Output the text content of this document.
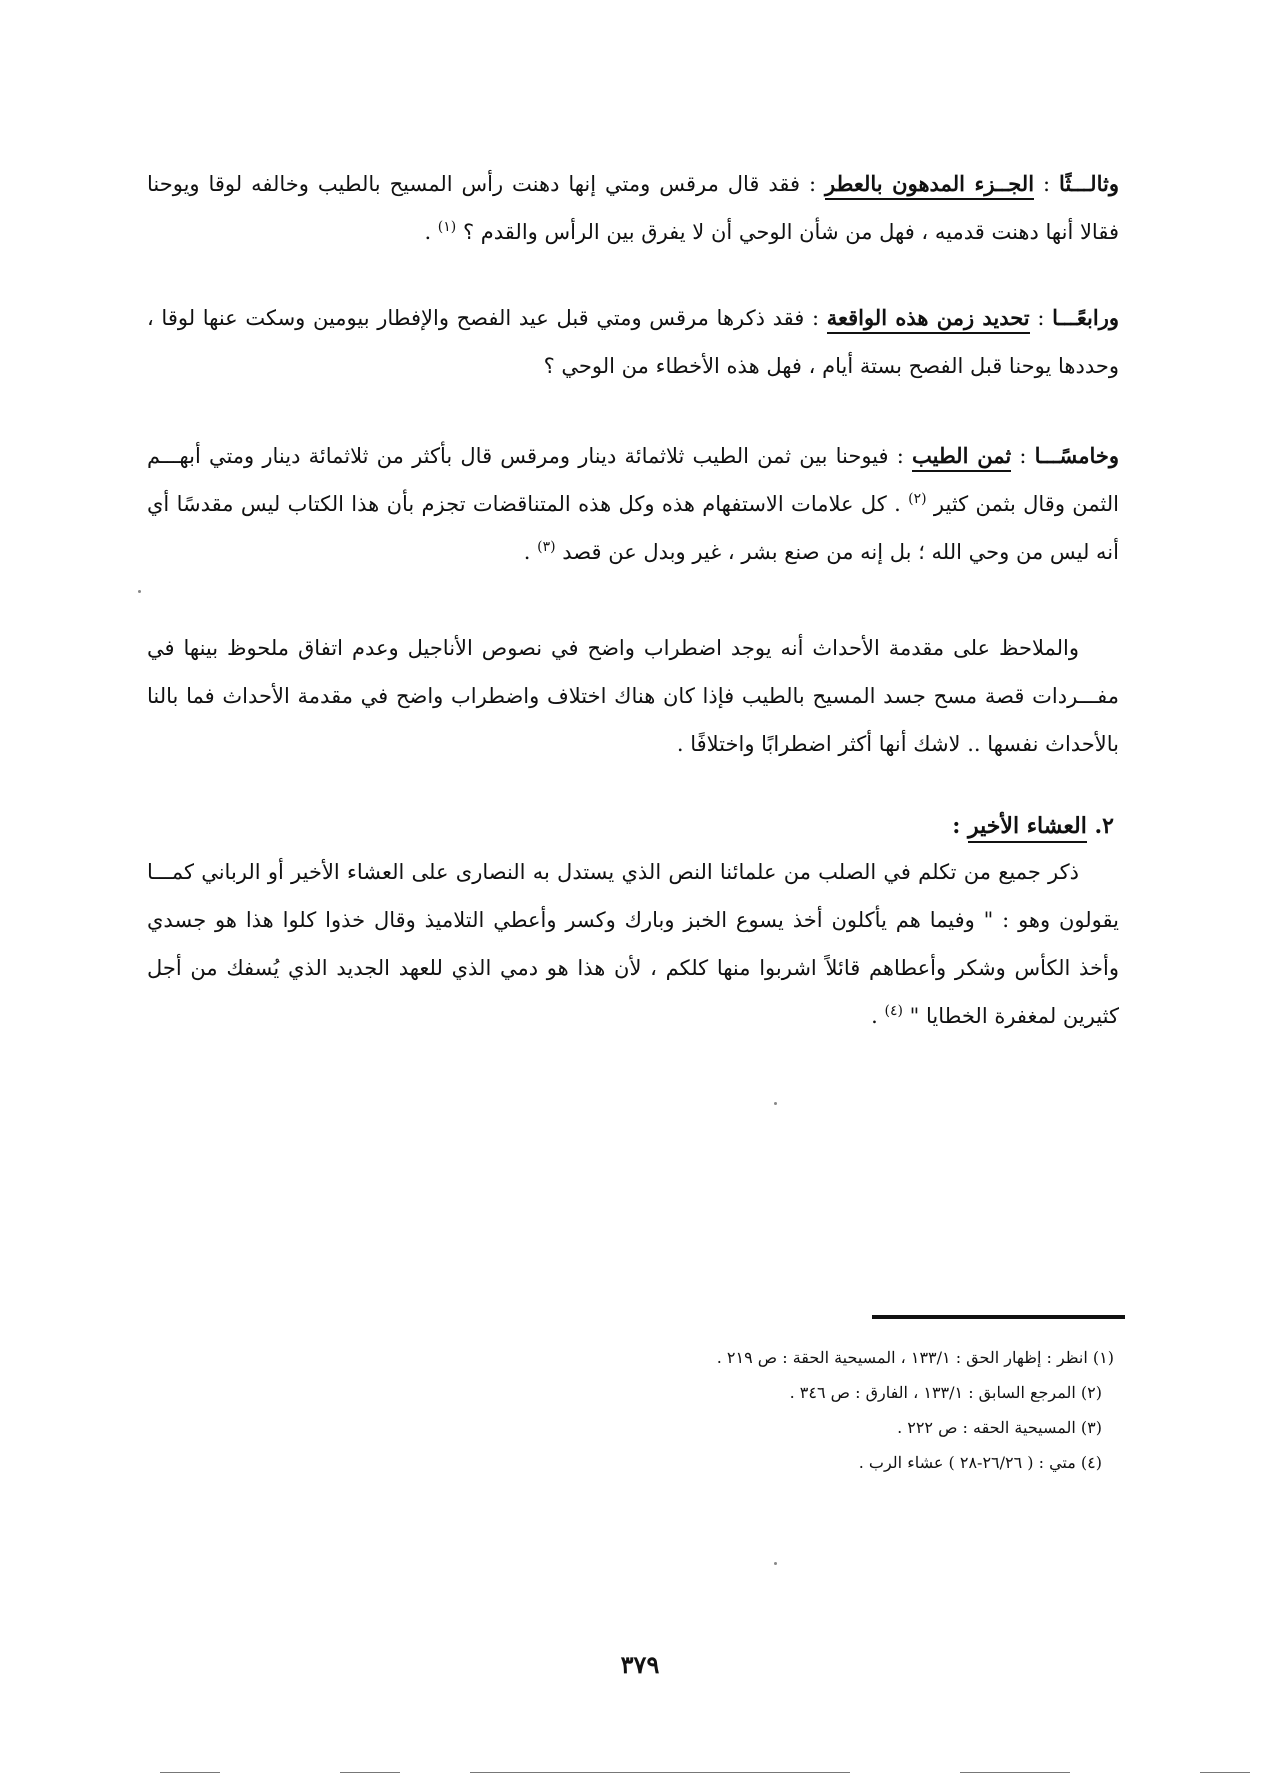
وثالـــثًا : الجــزء المدهون بالعطر : فقد قال مرقس ومتي إنها دهنت رأس المسيح بالطيب وخالفه لوقا ويوحنا فقالا أنها دهنت قدميه ، فهل من شأن الوحي أن لا يفرق بين الرأس والقدم ؟ $^{(١)}$ .
ورابعًـــا : تحديد زمن هذه الواقعة : فقد ذكرها مرقس ومتي قبل عيد الفصح والإفطار بيومين وسكت عنها لوقا ، وحددها يوحنا قبل الفصح بستة أيام ، فهل هذه الأخطاء من الوحي ؟
وخامسًـــا : ثمن الطيب : فيوحنا بين ثمن الطيب ثلاثمائة دينار ومرقس قال بأكثر من ثلاثمائة دينار ومتي أبهـــم الثمن وقال بثمن كثير $^{(٢)}$ . كل علامات الاستفهام هذه وكل هذه المتناقضات تجزم بأن هذا الكتاب ليس مقدسًا أي أنه ليس من وحي الله ؛ بل إنه من صنع بشر ، غير وبدل عن قصد $^{(٣)}$ .
والملاحظ على مقدمة الأحداث أنه يوجد اضطراب واضح في نصوص الأناجيل وعدم اتفاق ملحوظ بينها في مفـــردات قصة مسح جسد المسيح بالطيب فإذا كان هناك اختلاف واضطراب واضح في مقدمة الأحداث فما بالنا بالأحداث نفسها .. لاشك أنها أكثر اضطرابًا واختلافًا .
٢. العشاء الأخير :
ذكر جميع من تكلم في الصلب من علمائنا النص الذي يستدل به النصارى على العشاء الأخير أو الرباني كمـــا يقولون وهو : " وفيما هم يأكلون أخذ يسوع الخبز وبارك وكسر وأعطي التلاميذ وقال خذوا كلوا هذا هو جسدي وأخذ الكأس وشكر وأعطاهم قائلاً اشربوا منها كلكم ، لأن هذا هو دمي الذي للعهد الجديد الذي يُسفك من أجل كثيرين لمغفرة الخطايا " $^{(٤)}$ .
(١) انظر : إظهار الحق : ١٣٣/١ ، المسيحية الحقة : ص ٢١٩ .
(٢) المرجع السابق : ١٣٣/١ ، الفارق : ص ٣٤٦ .
(٣) المسيحية الحقه : ص ٢٢٢ .
(٤) متي : ( ٢٦/٢٦-٢٨ ) عشاء الرب .
٣٧٩
